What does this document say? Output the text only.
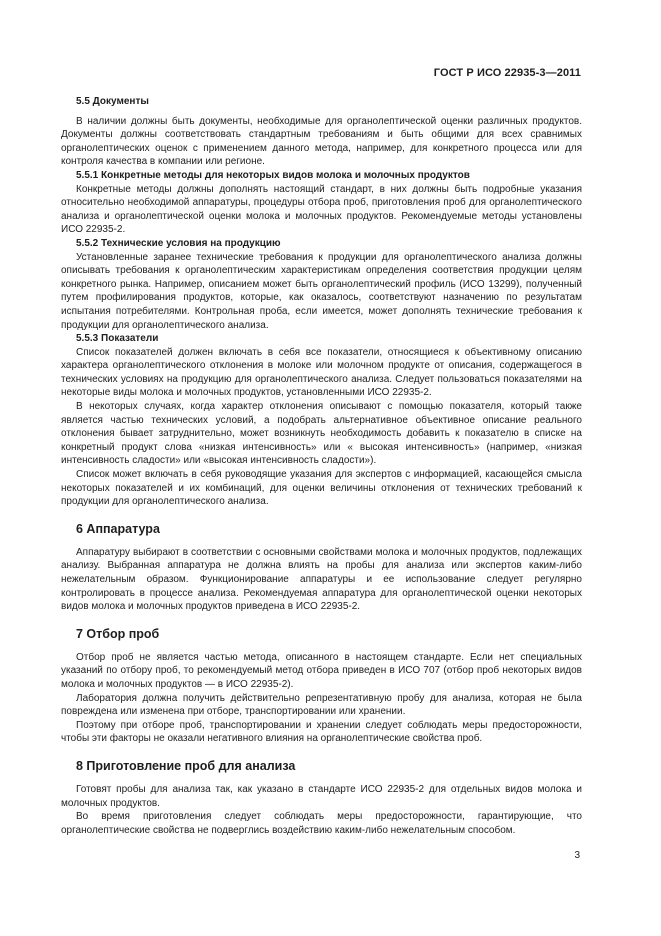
ГОСТ Р ИСО 22935-3—2011

5.5 Документы

В наличии должны быть документы, необходимые для органолептической оценки различных продуктов. Документы должны соответствовать стандартным требованиям и быть общими для всех сравнимых органолептических оценок с применением данного метода, например, для конкретного процесса или для контроля качества в компании или регионе.

5.5.1 Конкретные методы для некоторых видов молока и молочных продуктов

Конкретные методы должны дополнять настоящий стандарт, в них должны быть подробные указания относительно необходимой аппаратуры, процедуры отбора проб, приготовления проб для органолептического анализа и органолептической оценки молока и молочных продуктов. Рекомендуемые методы установлены ИСО 22935-2.

5.5.2 Технические условия на продукцию

Установленные заранее технические требования к продукции для органолептического анализа должны описывать требования к органолептическим характеристикам определения соответствия продукции целям конкретного рынка. Например, описанием может быть органолептический профиль (ИСО 13299), полученный путем профилирования продуктов, которые, как оказалось, соответствуют назначению по результатам испытания потребителями. Контрольная проба, если имеется, может дополнять технические требования к продукции для органолептического анализа.

5.5.3 Показатели

Список показателей должен включать в себя все показатели, относящиеся к объективному описанию характера органолептического отклонения в молоке или молочном продукте от описания, содержащегося в технических условиях на продукцию для органолептического анализа. Следует пользоваться показателями на некоторые виды молока и молочных продуктов, установленными ИСО 22935-2.

В некоторых случаях, когда характер отклонения описывают с помощью показателя, который также является частью технических условий, а подобрать альтернативное объективное описание реального отклонения бывает затруднительно, может возникнуть необходимость добавить к показателю в списке на конкретный продукт слова «низкая интенсивность» или « высокая интенсивность» (например, «низкая интенсивность сладости» или «высокая интенсивность сладости»).

Список может включать в себя руководящие указания для экспертов с информацией, касающейся смысла некоторых показателей и их комбинаций, для оценки величины отклонения от технических требований к продукции для органолептического анализа.

6 Аппаратура

Аппаратуру выбирают в соответствии с основными свойствами молока и молочных продуктов, подлежащих анализу. Выбранная аппаратура не должна влиять на пробы для анализа или экспертов каким-либо нежелательным образом. Функционирование аппаратуры и ее использование следует регулярно контролировать в процессе анализа. Рекомендуемая аппаратура для органолептической оценки некоторых видов молока и молочных продуктов приведена в ИСО 22935-2.

7 Отбор проб

Отбор проб не является частью метода, описанного в настоящем стандарте. Если нет специальных указаний по отбору проб, то рекомендуемый метод отбора приведен в ИСО 707 (отбор проб некоторых видов молока и молочных продуктов — в ИСО 22935-2).

Лаборатория должна получить действительно репрезентативную пробу для анализа, которая не была повреждена или изменена при отборе, транспортировании или хранении.

Поэтому при отборе проб, транспортировании и хранении следует соблюдать меры предосторожности, чтобы эти факторы не оказали негативного влияния на органолептические свойства проб.

8 Приготовление проб для анализа

Готовят пробы для анализа так, как указано в стандарте ИСО 22935-2 для отдельных видов молока и молочных продуктов.

Во время приготовления следует соблюдать меры предосторожности, гарантирующие, что органолептические свойства не подверглись воздействию каким-либо нежелательным способом.

3
